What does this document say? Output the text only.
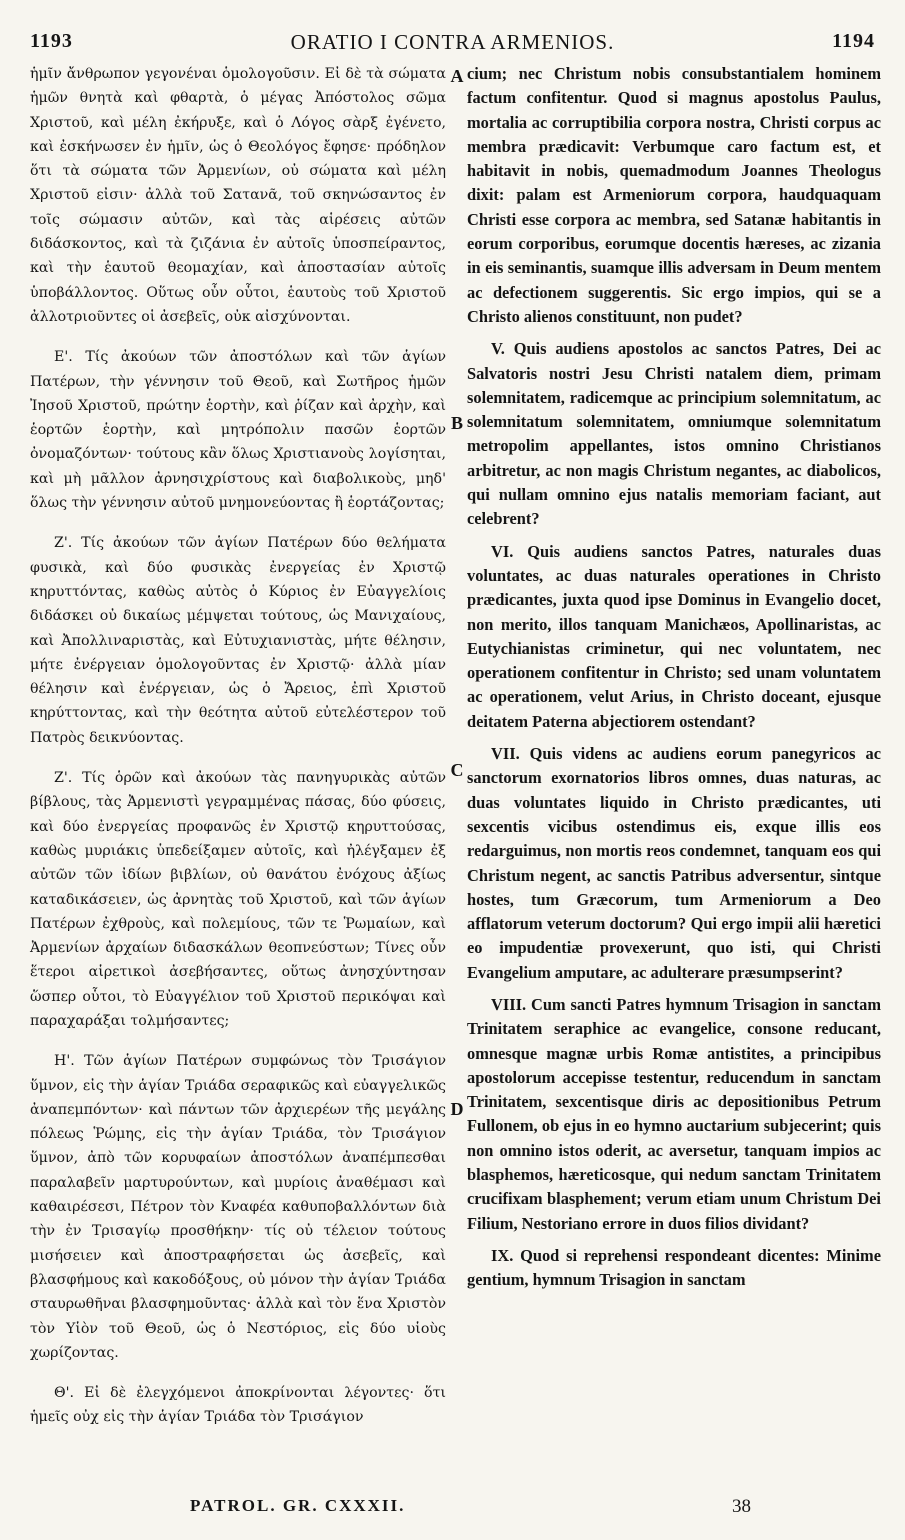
1193	ORATIO I CONTRA ARMENIOS.	1194

ἡμῖν ἄνθρωπον γεγονέναι ὁμολογοῦσιν. Εἰ δὲ τὰ σώματα ἡμῶν θνητὰ καὶ φθαρτὰ, ὁ μέγας Ἀπόστολος σῶμα Χριστοῦ, καὶ μέλη ἐκήρυξε, καὶ ὁ Λόγος σὰρξ ἐγένετο, καὶ ἐσκήνωσεν ἐν ἡμῖν, ὡς ὁ Θεολόγος ἔφησε· πρόδηλον ὅτι τὰ σώματα τῶν Ἀρμενίων, οὐ σώματα καὶ μέλη Χριστοῦ εἰσιν· ἀλλὰ τοῦ Σατανᾶ, τοῦ σκηνώσαντος ἐν τοῖς σώμασιν αὐτῶν, καὶ τὰς αἱρέσεις αὐτῶν διδάσκοντος, καὶ τὰ ζιζάνια ἐν αὐτοῖς ὑποσπείραντος, καὶ τὴν ἑαυτοῦ θεομαχίαν, καὶ ἀποστασίαν αὐτοῖς ὑποβάλλοντος. Οὕτως οὖν οὗτοι, ἑαυτοὺς τοῦ Χριστοῦ ἀλλοτριοῦντες οἱ ἀσεβεῖς, οὐκ αἰσχύνονται.

Ε'. Τίς ἀκούων τῶν ἀποστόλων καὶ τῶν ἁγίων Πατέρων, τὴν γέννησιν τοῦ Θεοῦ, καὶ Σωτῆρος ἡμῶν Ἰησοῦ Χριστοῦ, πρώτην ἑορτὴν, καὶ ῥίζαν καὶ ἀρχὴν, καὶ ἑορτῶν ἑορτὴν, καὶ μητρόπολιν πασῶν ἑορτῶν ὀνομαζόντων· τούτους κἂν ὅλως Χριστιανοὺς λογίσηται, καὶ μὴ μᾶλλον ἀρνησιχρίστους καὶ διαβολικοὺς, μηδ' ὅλως τὴν γέννησιν αὐτοῦ μνημονεύοντας ἢ ἑορτάζοντας;

Ζ'. Τίς ἀκούων τῶν ἁγίων Πατέρων δύο θελήματα φυσικὰ, καὶ δύο φυσικὰς ἐνεργείας ἐν Χριστῷ κηρυττόντας, καθὼς αὐτὸς ὁ Κύριος ἐν Εὐαγγελίοις διδάσκει οὐ δικαίως μέμψεται τούτους, ὡς Μανιχαίους, καὶ Ἀπολλιναριστὰς, καὶ Εὐτυχιανιστὰς, μήτε θέλησιν, μήτε ἐνέργειαν ὁμολογοῦντας ἐν Χριστῷ· ἀλλὰ μίαν θέλησιν καὶ ἐνέργειαν, ὡς ὁ Ἄρειος, ἐπὶ Χριστοῦ κηρύττοντας, καὶ τὴν θεότητα αὐτοῦ εὐτελέστερον τοῦ Πατρὸς δεικνύοντας.

Ζ'. Τίς ὁρῶν καὶ ἀκούων τὰς πανηγυρικὰς αὐτῶν βίβλους, τὰς Ἀρμενιστὶ γεγραμμένας πάσας, δύο φύσεις, καὶ δύο ἐνεργείας προφανῶς ἐν Χριστῷ κηρυττούσας, καθὼς μυριάκις ὑπεδείξαμεν αὐτοῖς, καὶ ἠλέγξαμεν ἐξ αὐτῶν τῶν ἰδίων βιβλίων, οὐ θανάτου ἐνόχους ἀξίως καταδικάσειεν, ὡς ἀρνητὰς τοῦ Χριστοῦ, καὶ τῶν ἁγίων Πατέρων ἐχθροὺς, καὶ πολεμίους, τῶν τε Ῥωμαίων, καὶ Ἀρμενίων ἀρχαίων διδασκάλων θεοπνεύστων; Τίνες οὖν ἕτεροι αἱρετικοὶ ἀσεβήσαντες, οὕτως ἀνησχύντησαν ὥσπερ οὗτοι, τὸ Εὐαγγέλιον τοῦ Χριστοῦ περικόψαι καὶ παραχαράξαι τολμήσαντες;

Η'. Τῶν ἁγίων Πατέρων συμφώνως τὸν Τρισάγιον ὕμνον, εἰς τὴν ἁγίαν Τριάδα σεραφικῶς καὶ εὐαγγελικῶς ἀναπεμπόντων· καὶ πάντων τῶν ἀρχιερέων τῆς μεγάλης πόλεως Ῥώμης, εἰς τὴν ἁγίαν Τριάδα, τὸν Τρισάγιον ὕμνον, ἀπὸ τῶν κορυφαίων ἀποστόλων ἀναπέμπεσθαι παραλαβεῖν μαρτυρούντων, καὶ μυρίοις ἀναθέμασι καὶ καθαιρέσεσι, Πέτρον τὸν Κναφέα καθυποβαλλόντων διὰ τὴν ἐν Τρισαγίῳ προσθήκην· τίς οὐ τέλειον τούτους μισήσειεν καὶ ἀποστραφήσεται ὡς ἀσεβεῖς, καὶ βλασφήμους καὶ κακοδόξους, οὐ μόνον τὴν ἁγίαν Τριάδα σταυρωθῆναι βλασφημοῦντας· ἀλλὰ καὶ τὸν ἕνα Χριστὸν τὸν Υἱὸν τοῦ Θεοῦ, ὡς ὁ Νεστόριος, εἰς δύο υἱοὺς χωρίζοντας.

Θ'. Εἰ δὲ ἐλεγχόμενοι ἀποκρίνονται λέγοντες· ὅτι ἡμεῖς οὐχ εἰς τὴν ἁγίαν Τριάδα τὸν Τρισάγιον

A
B
C
D

cium; nec Christum nobis consubstantialem hominem factum confitentur. Quod si magnus apostolus Paulus, mortalia ac corruptibilia corpora nostra, Christi corpus ac membra prædicavit: Verbumque caro factum est, et habitavit in nobis, quemadmodum Joannes Theologus dixit: palam est Armeniorum corpora, haudquaquam Christi esse corpora ac membra, sed Satanæ habitantis in eorum corporibus, eorumque docentis hæreses, ac zizania in eis seminantis, suamque illis adversam in Deum mentem ac defectionem suggerentis. Sic ergo impios, qui se a Christo alienos constituunt, non pudet?

V. Quis audiens apostolos ac sanctos Patres, Dei ac Salvatoris nostri Jesu Christi natalem diem, primam solemnitatem, radicemque ac principium solemnitatum, ac solemnitatum solemnitatem, omniumque solemnitatum metropolim appellantes, istos omnino Christianos arbitretur, ac non magis Christum negantes, ac diabolicos, qui nullam omnino ejus natalis memoriam faciant, aut celebrent?

VI. Quis audiens sanctos Patres, naturales duas voluntates, ac duas naturales operationes in Christo prædicantes, juxta quod ipse Dominus in Evangelio docet, non merito, illos tanquam Manichæos, Apollinaristas, ac Eutychianistas criminetur, qui nec voluntatem, nec operationem confitentur in Christo; sed unam voluntatem ac operationem, velut Arius, in Christo doceant, ejusque deitatem Paterna abjectiorem ostendant?

VII. Quis videns ac audiens eorum panegyricos ac sanctorum exornatorios libros omnes, duas naturas, ac duas voluntates liquido in Christo prædicantes, uti sexcentis vicibus ostendimus eis, exque illis eos redarguimus, non mortis reos condemnet, tanquam eos qui Christum negent, ac sanctis Patribus adversentur, sintque hostes, tum Græcorum, tum Armeniorum a Deo afflatorum veterum doctorum? Qui ergo impii alii hæretici eo impudentiæ provexerunt, quo isti, qui Christi Evangelium amputare, ac adulterare præsumpserint?

VIII. Cum sancti Patres hymnum Trisagion in sanctam Trinitatem seraphice ac evangelice, consone reducant, omnesque magnæ urbis Romæ antistites, a principibus apostolorum accepisse testentur, reducendum in sanctam Trinitatem, sexcentisque diris ac depositionibus Petrum Fullonem, ob ejus in eo hymno auctarium subjecerint; quis non omnino istos oderit, ac aversetur, tanquam impios ac blasphemos, hæreticosque, qui nedum sanctam Trinitatem crucifixam blasphement; verum etiam unum Christum Dei Filium, Nestoriano errore in duos filios dividant?

IX. Quod si reprehensi respondeant dicentes: Minime gentium, hymnum Trisagion in sanctam

PATROL. GR. CXXXII.	38
